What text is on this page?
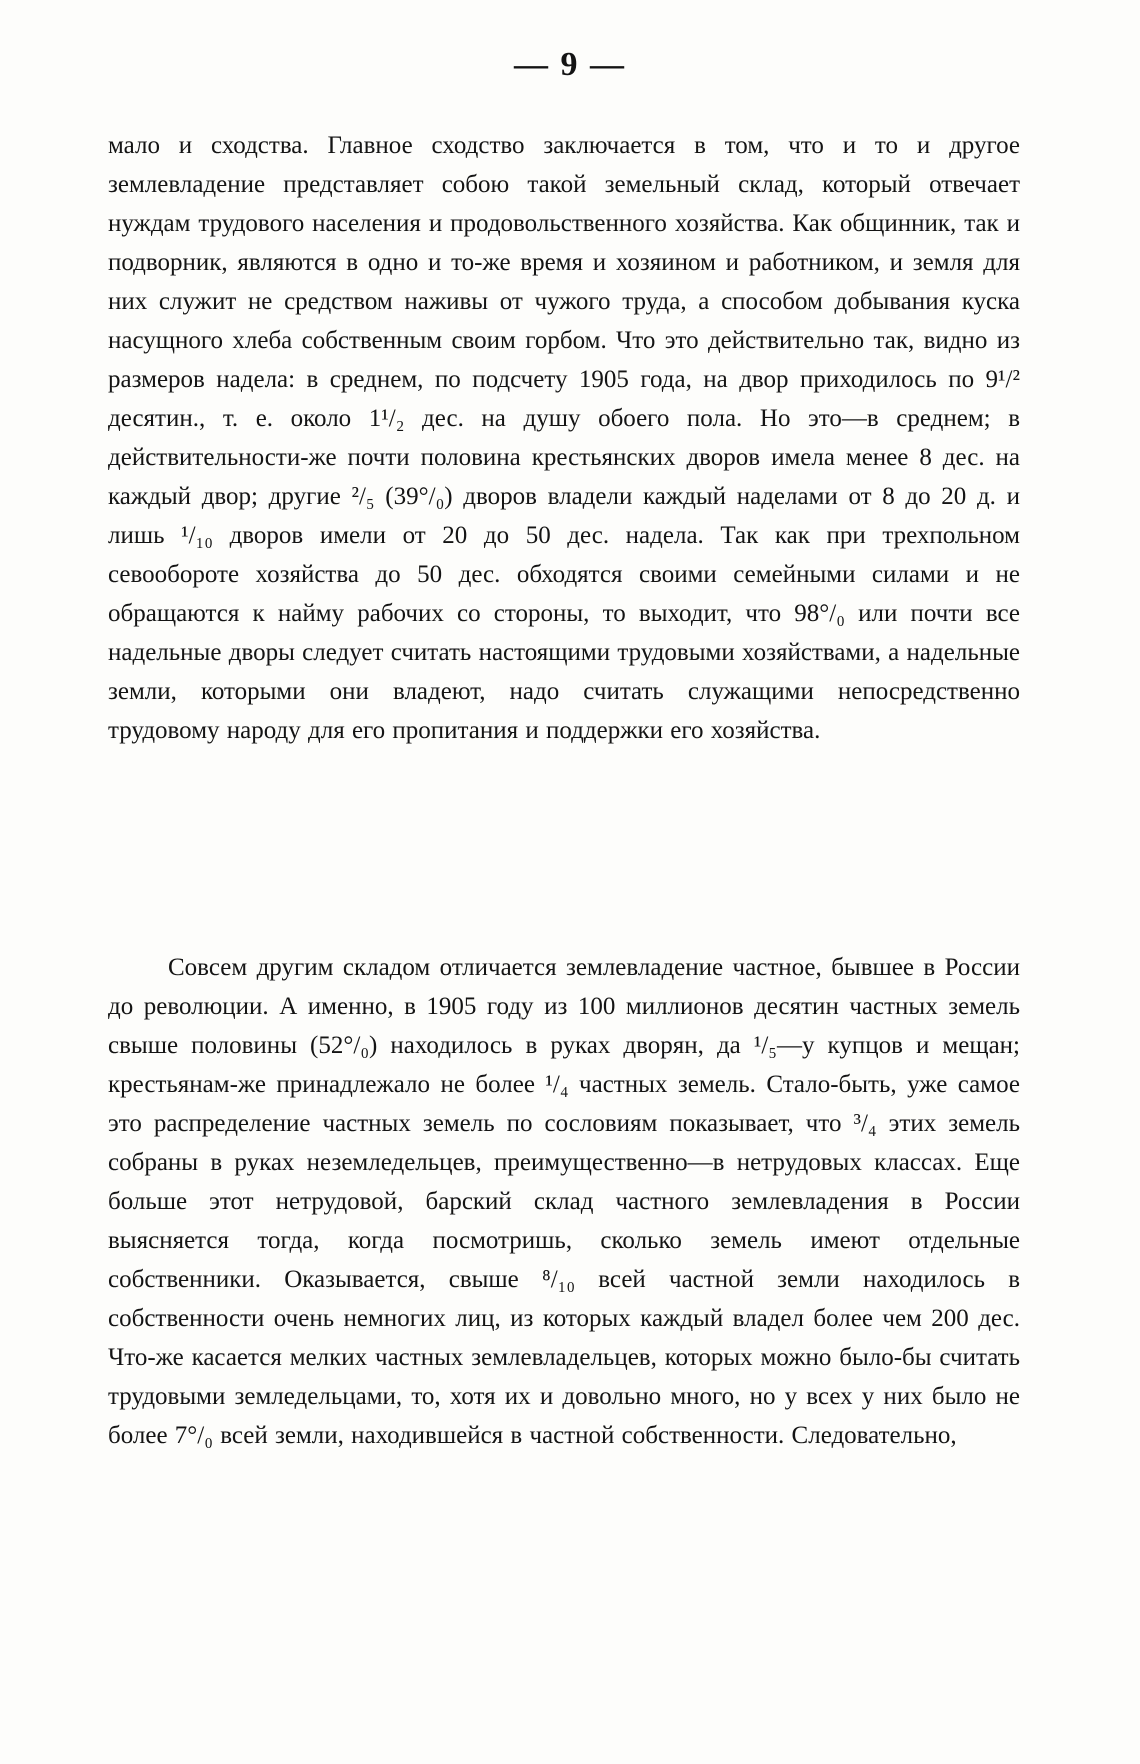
— 9 —

мало и сходства. Главное сходство заключается в том, что и то и другое землевладение представляет собою такой земельный склад, который отвечает нуждам трудового населения и продовольственного хозяйства. Как общинник, так и подворник, являются в одно и то-же время и хозяином и работником, и земля для них служит не средством наживы от чужого труда, а способом добывания куска насущного хлеба собственным своим горбом. Что это действительно так, видно из размеров надела: в среднем, по подсчету 1905 года, на двор приходилось по 9¹/² десятин., т. е. около 1¹/₂ дес. на душу обоего пола. Но это—в среднем; в действительности-же почти половина крестьянских дворов имела менее 8 дес. на каждый двор; другие ²/₅ (39°/₀) дворов владели каждый наделами от 8 до 20 д. и лишь ¹/₁₀ дворов имели от 20 до 50 дес. надела. Так как при трехпольном севообороте хозяйства до 50 дес. обходятся своими семейными силами и не обращаются к найму рабочих со стороны, то выходит, что 98°/₀ или почти все надельные дворы следует считать настоящими трудовыми хозяйствами, а надельные земли, которыми они владеют, надо считать служащими непосредственно трудовому народу для его пропитания и поддержки его хозяйства.

Совсем другим складом отличается землевладение частное, бывшее в России до революции. А именно, в 1905 году из 100 миллионов десятин частных земель свыше половины (52°/₀) находилось в руках дворян, да ¹/₅—у купцов и мещан; крестьянам-же принадлежало не более ¹/₄ частных земель. Стало-быть, уже самое это распределение частных земель по сословиям показывает, что ³/₄ этих земель собраны в руках неземледельцев, преимущественно—в нетрудовых классах. Еще больше этот нетрудовой, барский склад частного землевладения в России выясняется тогда, когда посмотришь, сколько земель имеют отдельные собственники. Оказывается, свыше ⁸/₁₀ всей частной земли находилось в собственности очень немногих лиц, из которых каждый владел более чем 200 дес. Что-же касается мелких частных землевладельцев, которых можно было-бы считать трудовыми земледельцами, то, хотя их и довольно много, но у всех у них было не более 7°/₀ всей земли, находившейся в частной собственности. Следовательно,
